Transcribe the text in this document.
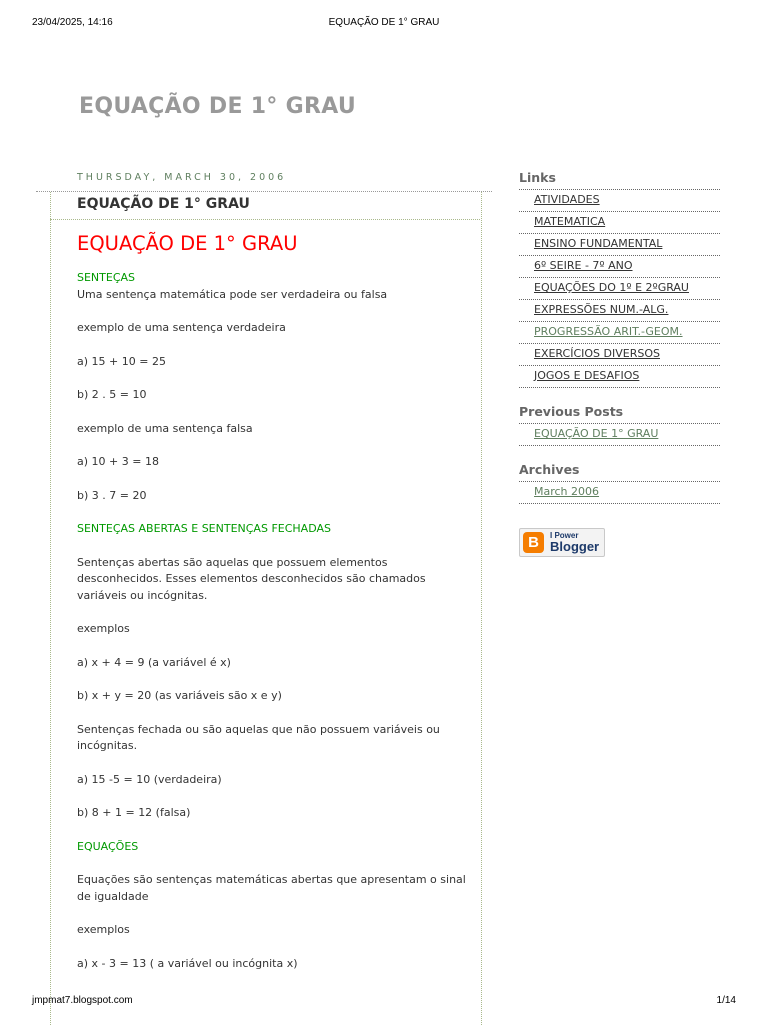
23/04/2025, 14:16	EQUAÇÃO DE 1° GRAU
EQUAÇÃO DE 1° GRAU
THURSDAY, MARCH 30, 2006
EQUAÇÃO DE 1° GRAU
EQUAÇÃO DE 1° GRAU

SENTEÇAS

Uma sentença matemática pode ser verdadeira ou falsa

exemplo de uma sentença verdadeira

a) 15 + 10 = 25

b) 2 . 5 = 10

exemplo de uma sentença falsa

a) 10 + 3 = 18

b) 3 . 7 = 20

SENTEÇAS ABERTAS E SENTENÇAS FECHADAS

Sentenças abertas são aquelas que possuem elementos desconhecidos. Esses elementos desconhecidos são chamados variáveis ou incógnitas.

exemplos

a) x + 4 = 9 (a variável é x)

b) x + y = 20 (as variáveis são x e y)

Sentenças fechada ou são aquelas que não possuem variáveis ou incógnitas.

a) 15 -5 = 10 (verdadeira)

b) 8 + 1 = 12 (falsa)

EQUAÇÕES

Equações são sentenças matemáticas abertas que apresentam o sinal de igualdade

exemplos

a) x - 3 = 13 ( a variável ou incógnita x)

Links
ATIVIDADES
MATEMATICA
ENSINO FUNDAMENTAL
6º SEIRE - 7º ANO
EQUAÇÕES DO 1º E 2ºGRAU
EXPRESSÕES NUM.-ALG.
PROGRESSÃO ARIT.-GEOM.
EXERCÍCIOS DIVERSOS
JOGOS E DESAFIOS
Previous Posts
EQUAÇÃO DE 1° GRAU
Archives
March 2006
B	I Power
Blogger
jmpmat7.blogspot.com	1/14
